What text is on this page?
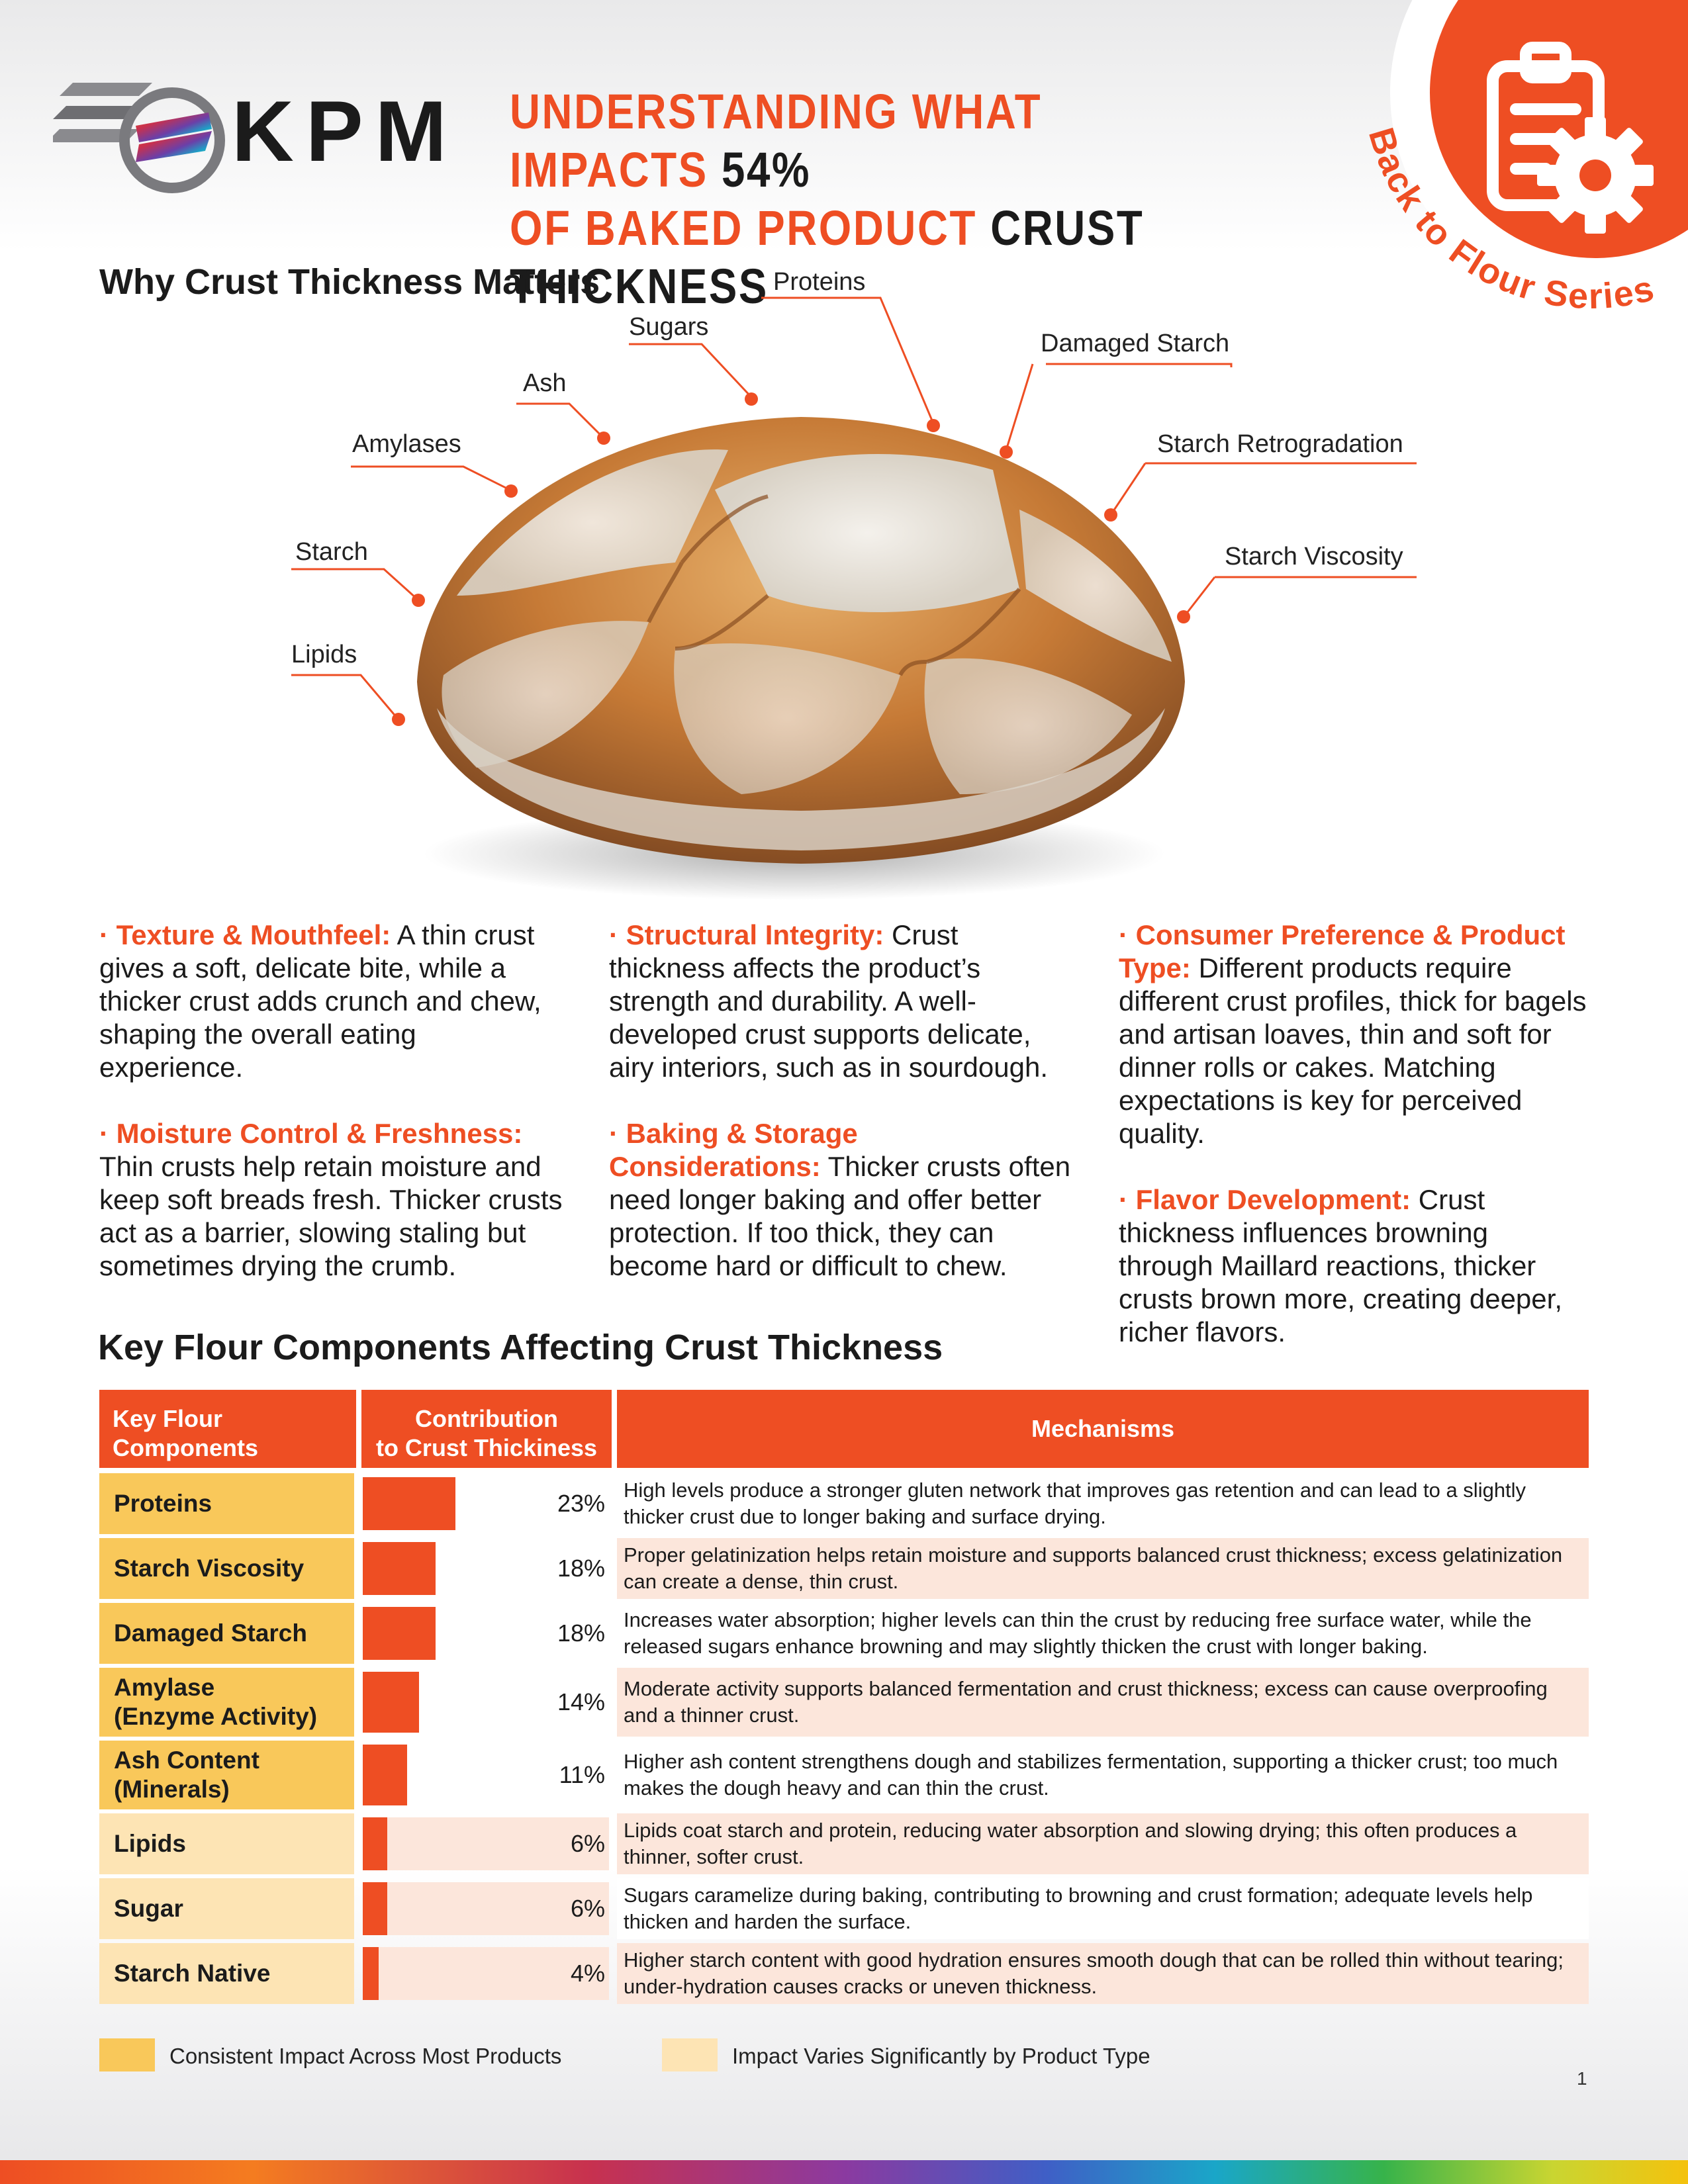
KPM UNDERSTANDING WHAT IMPACTS 54%
OF BAKED PRODUCT CRUST THICKNESS
Back to Flour Series
Why Crust Thickness Matters	Proteins
Sugars
Damaged Starch
Ash
Amylases	Starch Retrogradation
Starch	Starch Viscosity
Lipids

· Texture & Mouthfeel: A thin crust gives a soft, delicate bite, while a thicker crust adds crunch and chew, shaping the overall eating experience.

· Moisture Control & Freshness: Thin crusts help retain moisture and keep soft breads fresh. Thicker crusts act as a barrier, slowing staling but sometimes drying the crumb.

· Structural Integrity: Crust thickness affects the product’s strength and durability. A well-developed crust supports delicate, airy interiors, such as in sourdough.

· Baking & Storage Considerations: Thicker crusts often need longer baking and offer better protection. If too thick, they can become hard or difficult to chew.

· Consumer Preference & Product Type: Different products require different crust profiles, thick for bagels and artisan loaves, thin and soft for dinner rolls or cakes. Matching expectations is key for perceived quality.

· Flavor Development: Crust thickness influences browning through Maillard reactions, thicker crusts brown more, creating deeper, richer flavors.

Key Flour Components Affecting Crust Thickness
Key Flour
Components
Contribution
to Crust Thickiness
Mechanisms
Proteins	23% High levels produce a stronger gluten network that improves gas retention and can lead to a slightly thicker crust due to longer baking and surface drying.
Starch Viscosity	18% Proper gelatinization helps retain moisture and supports balanced crust thickness; excess gelatinization can create a dense, thin crust.
Damaged Starch	18% Increases water absorption; higher levels can thin the crust by reducing free surface water, while the released sugars enhance browning and may slightly thicken the crust with longer baking.
Amylase
(Enzyme Activity)
14% Moderate activity supports balanced fermentation and crust thickness; excess can cause overproofing and a thinner crust.
Ash Content
(Minerals)
11% Higher ash content strengthens dough and stabilizes fermentation, supporting a thicker crust; too much makes the dough heavy and can thin the crust.
Lipids	6% Lipids coat starch and protein, reducing water absorption and slowing drying; this often produces a thinner, softer crust.
Sugar	6% Sugars caramelize during baking, contributing to browning and crust formation; adequate levels help thicken and harden the surface.
Starch Native	4% Higher starch content with good hydration ensures smooth dough that can be rolled thin without tearing; under-hydration causes cracks or uneven thickness.
Consistent Impact Across Most Products	Impact Varies Significantly by Product Type
1
